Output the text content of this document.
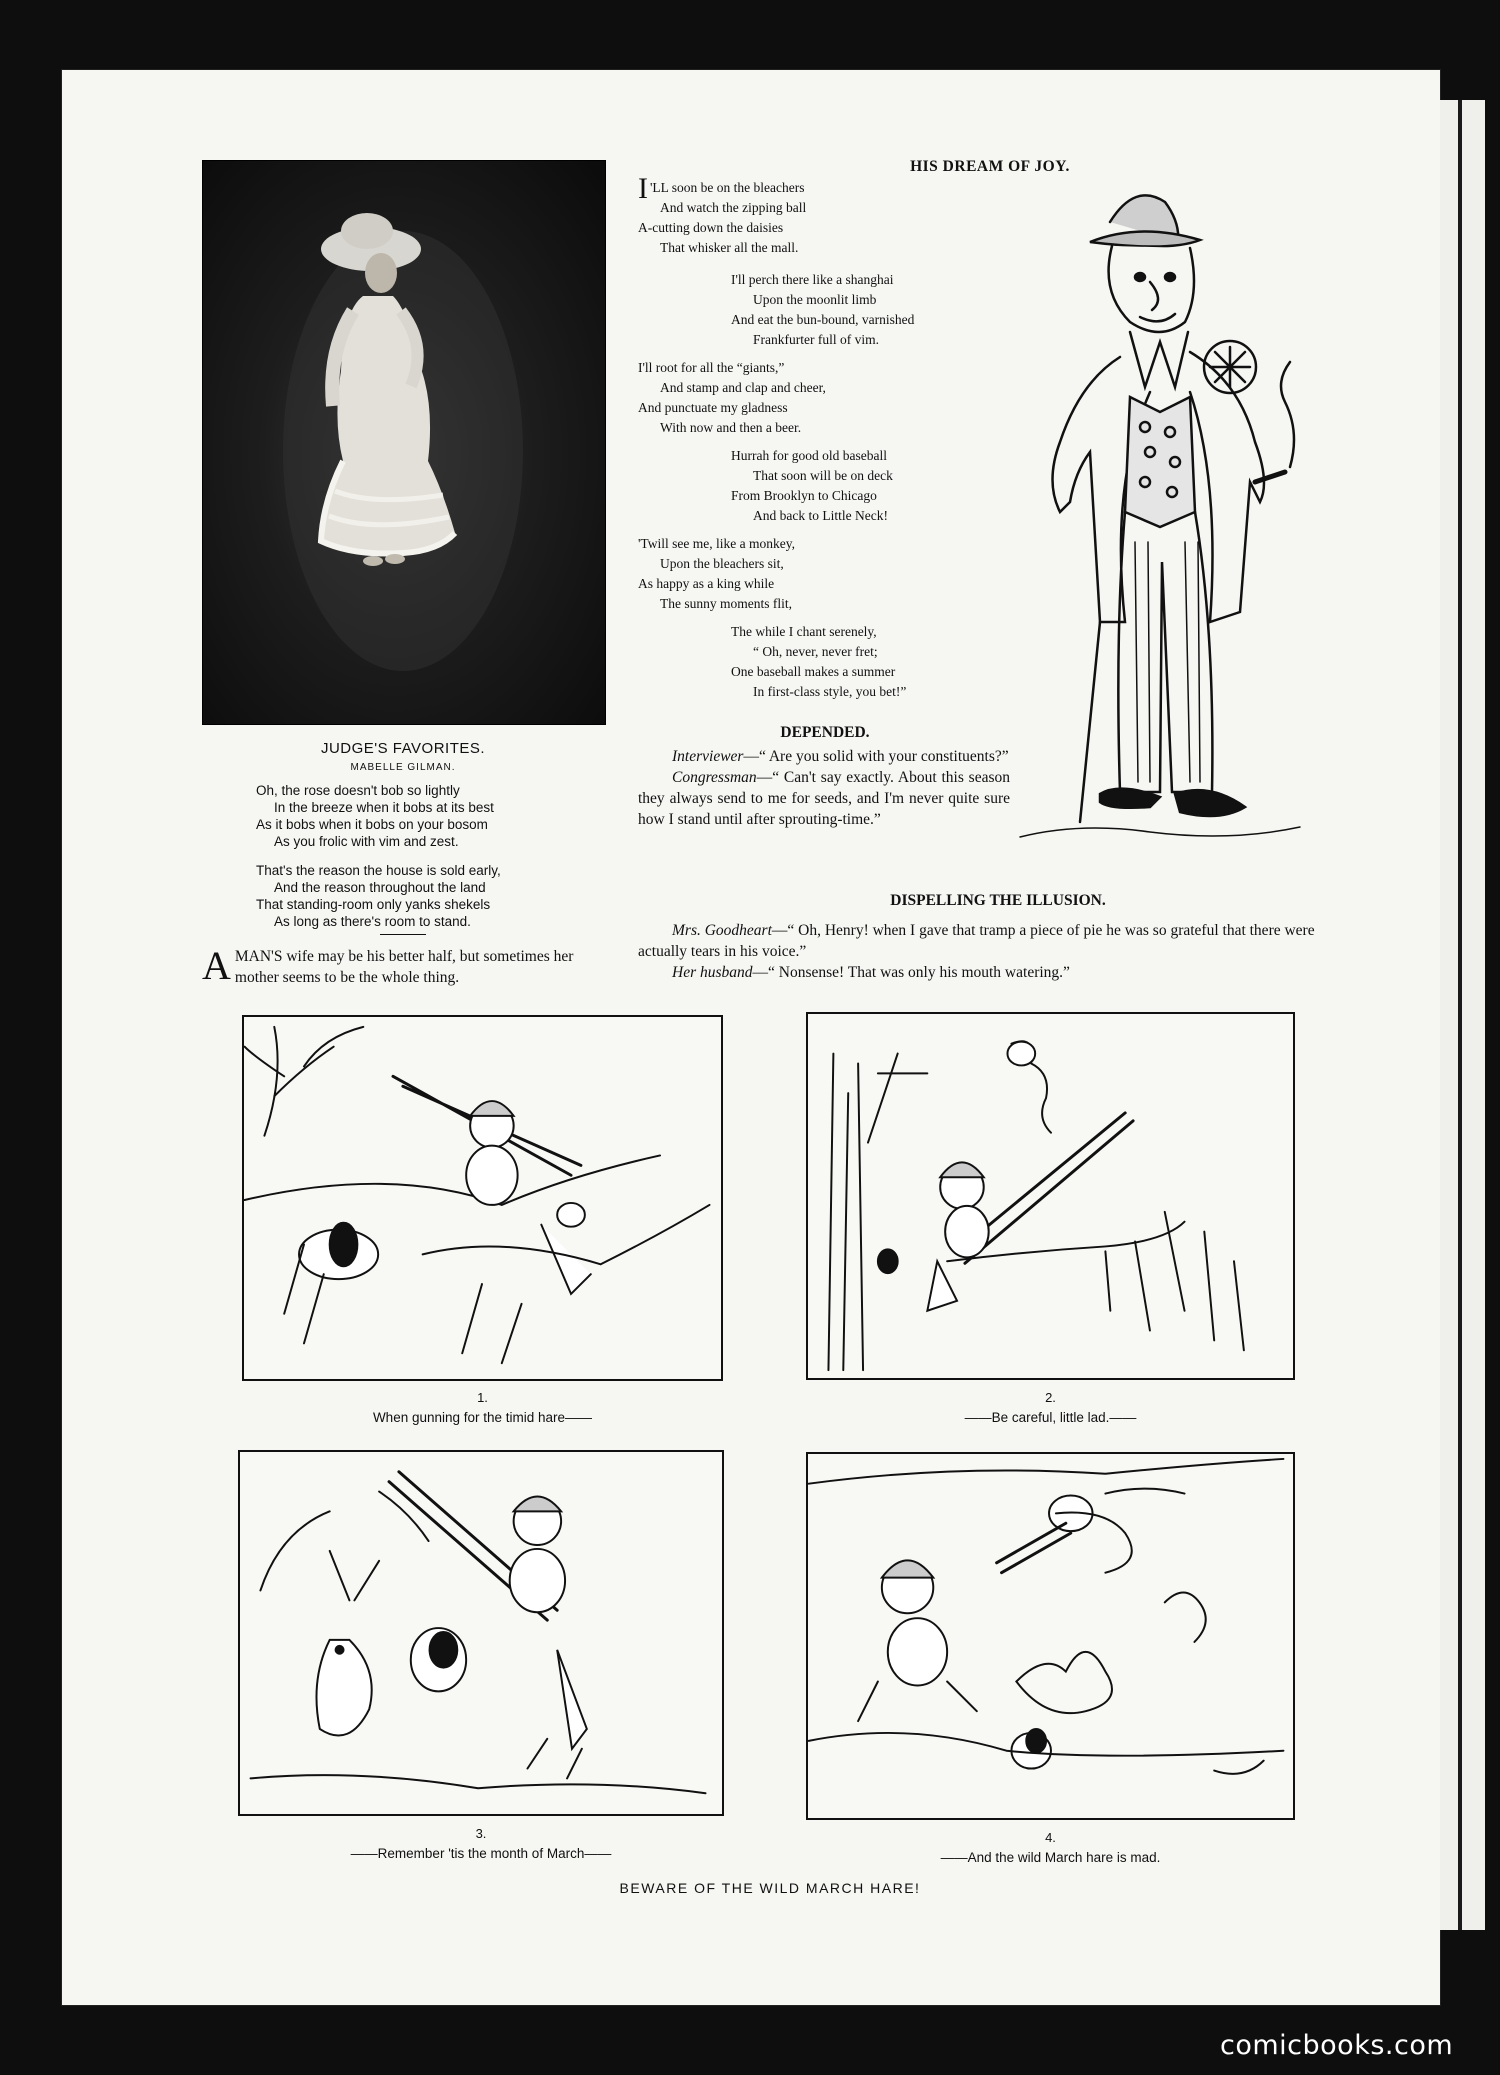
JUDGE'S FAVORITES.
MABELLE GILMAN.
Oh, the rose doesn't bob so lightly
In the breeze when it bobs at its best
As it bobs when it bobs on your bosom
As you frolic with vim and zest.
That's the reason the house is sold early,
And the reason throughout the land
That standing-room only yanks shekels
As long as there's room to stand.
AMAN'S wife may be his better half, but sometimes her mother seems to be the whole thing.
HIS DREAM OF JOY.
I 'LL soon be on the bleachers
And watch the zipping ball
A-cutting down the daisies
That whisker all the mall.
I'll perch there like a shanghai
Upon the moonlit limb
And eat the bun-bound, varnished
Frankfurter full of vim.
I'll root for all the “giants,”
And stamp and clap and cheer,
And punctuate my gladness
With now and then a beer.
Hurrah for good old baseball
That soon will be on deck
From Brooklyn to Chicago
And back to Little Neck!
'Twill see me, like a monkey,
Upon the bleachers sit,
As happy as a king while
The sunny moments flit,
The while I chant serenely,
“ Oh, never, never fret;
One baseball makes a summer
In first-class style, you bet!”
DEPENDED.

Interviewer—“ Are you solid with your constituents?”

Congressman—“ Can't say exactly. About this season they always send to me for seeds, and I'm never quite sure how I stand until after sprouting-time.”

DISPELLING THE ILLUSION.

Mrs. Goodheart—“ Oh, Henry! when I gave that tramp a piece of pie he was so grateful that there were actually tears in his voice.”

Her husband—“ Nonsense! That was only his mouth watering.”

1.
When gunning for the timid hare——
2.
——Be careful, little lad.——
3.
——Remember 'tis the month of March——
4.
——And the wild March hare is mad.
BEWARE OF THE WILD MARCH HARE!
comicbooks.com
